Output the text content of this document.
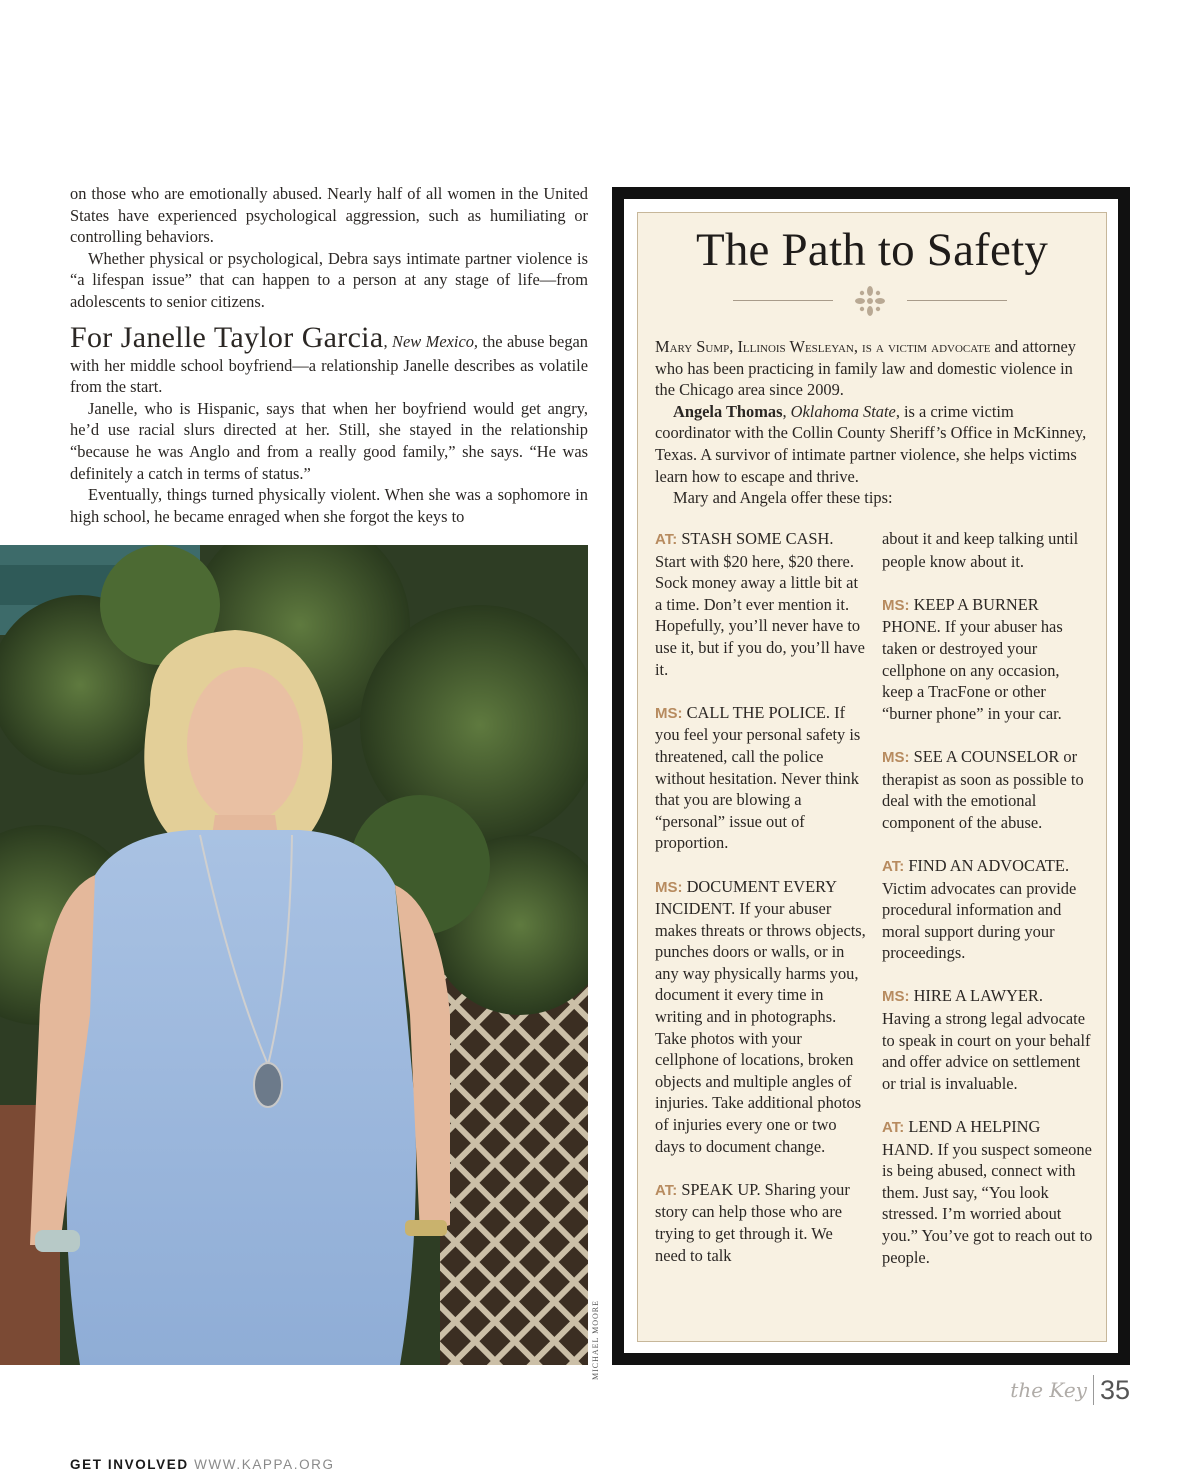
on those who are emotionally abused. Nearly half of all women in the United States have experienced psychological aggression, such as humiliating or controlling behaviors.

Whether physical or psychological, Debra says intimate partner violence is “a lifespan issue” that can happen to a person at any stage of life—from adolescents to senior citizens.

For Janelle Taylor Garcia, New Mexico, the abuse began with her middle school boyfriend—a relationship Janelle describes as volatile from the start.

Janelle, who is Hispanic, says that when her boyfriend would get angry, he’d use racial slurs directed at her. Still, she stayed in the relationship “because he was Anglo and from a really good family,” she says. “He was definitely a catch in terms of status.”

Eventually, things turned physically violent. When she was a sophomore in high school, he became enraged when she forgot the keys to

MICHAEL MOORE
The Path to Safety

Mary Sump, Illinois Wesleyan, is a victim advocate and attorney who has been practicing in family law and domestic violence in the Chicago area since 2009.

Angela Thomas, Oklahoma State, is a crime victim coordinator with the Collin County Sheriff’s Office in McKinney, Texas. A survivor of intimate partner violence, she helps victims learn how to escape and thrive.

Mary and Angela offer these tips:

AT: STASH SOME CASH. Start with $20 here, $20 there. Sock money away a little bit at a time. Don’t ever mention it. Hopefully, you’ll never have to use it, but if you do, you’ll have it.

MS: CALL THE POLICE. If you feel your personal safety is threatened, call the police without hesitation. Never think that you are blowing a “personal” issue out of proportion.

MS: DOCUMENT EVERY INCIDENT. If your abuser makes threats or throws objects, punches doors or walls, or in any way physically harms you, document it every time in writing and in photographs. Take photos with your cellphone of locations, broken objects and multiple angles of injuries. Take additional photos of injuries every one or two days to document change.

AT: SPEAK UP. Sharing your story can help those who are trying to get through it. We need to talk

about it and keep talking until people know about it.

MS: KEEP A BURNER PHONE. If your abuser has taken or destroyed your cellphone on any occasion, keep a TracFone or other “burner phone” in your car.

MS: SEE A COUNSELOR or therapist as soon as possible to deal with the emotional component of the abuse.

AT: FIND AN ADVOCATE. Victim advocates can provide procedural information and moral support during your proceedings.

MS: HIRE A LAWYER. Having a strong legal advocate to speak in court on your behalf and offer advice on settlement or trial is invaluable.

AT: LEND A HELPING HAND. If you suspect someone is being abused, connect with them. Just say, “You look stressed. I’m worried about you.” You’ve got to reach out to people.

GET INVOLVED WWW.KAPPA.ORG
the Key 35
